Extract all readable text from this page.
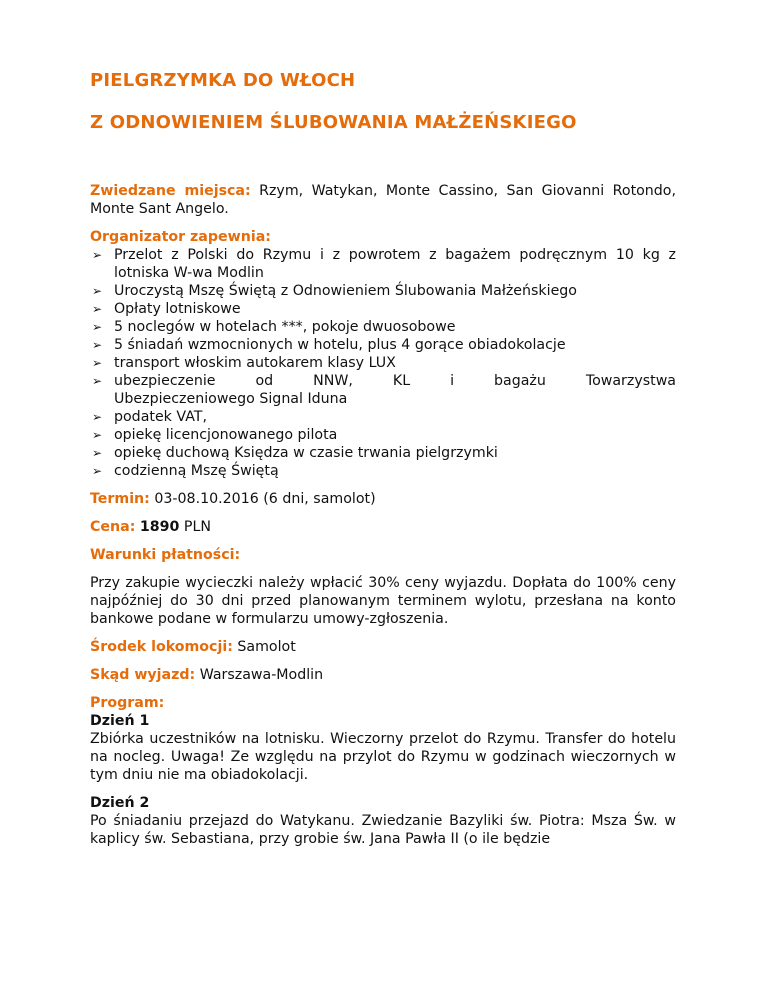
PIELGRZYMKA DO WŁOCH
Z ODNOWIENIEM ŚLUBOWANIA MAŁŻEŃSKIEGO

Zwiedzane miejsca: Rzym, Watykan, Monte Cassino, San Giovanni Rotondo, Monte Sant Angelo.

Organizator zapewnia:
➢ Przelot z Polski do Rzymu i z powrotem z bagażem podręcznym 10 kg z lotniska W-wa Modlin
➢ Uroczystą Mszę Świętą z Odnowieniem Ślubowania Małżeńskiego
➢ Opłaty lotniskowe
➢ 5 noclegów w hotelach ***, pokoje dwuosobowe
➢ 5 śniadań wzmocnionych w hotelu, plus 4 gorące obiadokolacje
➢ transport włoskim autokarem klasy LUX
➢ ubezpieczenie od NNW, KL i bagażu Towarzystwa
Ubezpieczeniowego Signal Iduna
➢ podatek VAT,
➢ opiekę licencjonowanego pilota
➢ opiekę duchową Księdza w czasie trwania pielgrzymki
➢ codzienną Mszę Świętą

Termin: 03-08.10.2016 (6 dni, samolot)

Cena: 1890 PLN

Warunki płatności:

Przy zakupie wycieczki należy wpłacić 30% ceny wyjazdu. Dopłata do 100% ceny najpóźniej do 30 dni przed planowanym terminem wylotu, przesłana na konto bankowe podane w formularzu umowy-zgłoszenia.

Środek lokomocji: Samolot

Skąd wyjazd: Warszawa-Modlin

Program:
Dzień 1

Zbiórka uczestników na lotnisku. Wieczorny przelot do Rzymu. Transfer do hotelu na nocleg. Uwaga! Ze względu na przylot do Rzymu w godzinach wieczornych w tym dniu nie ma obiadokolacji.

Dzień 2

Po śniadaniu przejazd do Watykanu. Zwiedzanie Bazyliki św. Piotra: Msza Św. w kaplicy św. Sebastiana, przy grobie św. Jana Pawła II (o ile będzie
